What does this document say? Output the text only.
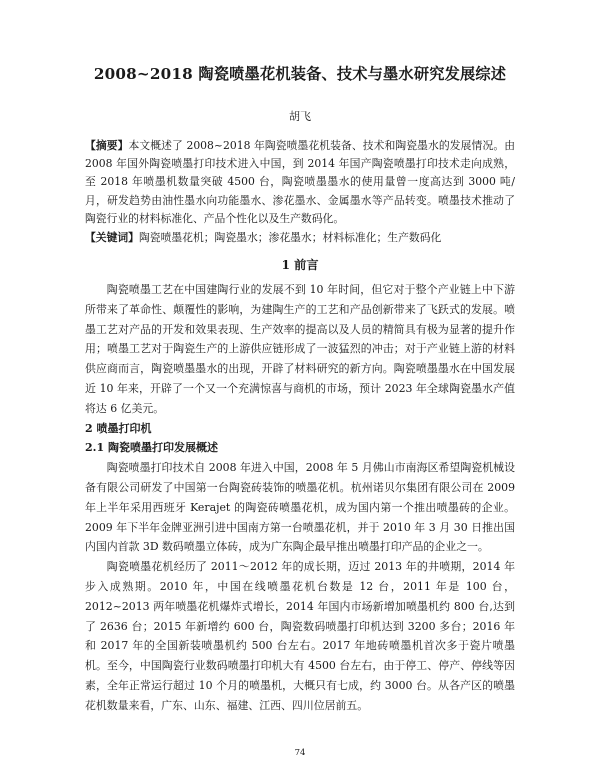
2008~2018 陶瓷喷墨花机装备、技术与墨水研究发展综述
胡飞
【摘要】本文概述了 2008~2018 年陶瓷喷墨花机装备、技术和陶瓷墨水的发展情况。由 2008 年国外陶瓷喷墨打印技术进入中国，到 2014 年国产陶瓷喷墨打印技术走向成熟，至 2018 年喷墨机数量突破 4500 台，陶瓷喷墨墨水的使用量曾一度高达到 3000 吨/月，研发趋势由油性墨水向功能墨水、渗花墨水、金属墨水等产品转变。喷墨技术推动了陶瓷行业的材料标准化、产品个性化以及生产数码化。
【关键词】陶瓷喷墨花机；陶瓷墨水；渗花墨水；材料标准化；生产数码化
1 前言

陶瓷喷墨工艺在中国建陶行业的发展不到 10 年时间，但它对于整个产业链上中下游所带来了革命性、颠覆性的影响，为建陶生产的工艺和产品创新带来了飞跃式的发展。喷墨工艺对产品的开发和效果表现、生产效率的提高以及人员的精简具有极为显著的提升作用；喷墨工艺对于陶瓷生产的上游供应链形成了一波猛烈的冲击；对于产业链上游的材料供应商而言，陶瓷喷墨墨水的出现，开辟了材料研究的新方向。陶瓷喷墨墨水在中国发展近 10 年来，开辟了一个又一个充满惊喜与商机的市场，预计 2023 年全球陶瓷墨水产值将达 6 亿美元。

2 喷墨打印机

2.1 陶瓷喷墨打印发展概述

陶瓷喷墨打印技术自 2008 年进入中国，2008 年 5 月佛山市南海区希望陶瓷机械设备有限公司研发了中国第一台陶瓷砖装饰的喷墨花机。杭州诺贝尔集团有限公司在 2009 年上半年采用西班牙 Kerajet 的陶瓷砖喷墨花机，成为国内第一个推出喷墨砖的企业。2009 年下半年金牌亚洲引进中国南方第一台喷墨花机，并于 2010 年 3 月 30 日推出国内国内首款 3D 数码喷墨立体砖，成为广东陶企最早推出喷墨打印产品的企业之一。

陶瓷喷墨花机经历了 2011～2012 年的成长期，迈过 2013 年的井喷期，2014 年步入成熟期。2010 年，中国在线喷墨花机台数是 12 台，2011 年是 100 台，2012~2013 两年喷墨花机爆炸式增长，2014 年国内市场新增加喷墨机约 800 台,达到了 2636 台；2015 年新增约 600 台，陶瓷数码喷墨打印机达到 3200 多台；2016 年和 2017 年的全国新装喷墨机约 500 台左右。2017 年地砖喷墨机首次多于瓷片喷墨机。至今，中国陶瓷行业数码喷墨打印机大有 4500 台左右，由于停工、停产、停线等因素，全年正常运行超过 10 个月的喷墨机，大概只有七成，约 3000 台。从各产区的喷墨花机数量来看，广东、山东、福建、江西、四川位居前五。

74
